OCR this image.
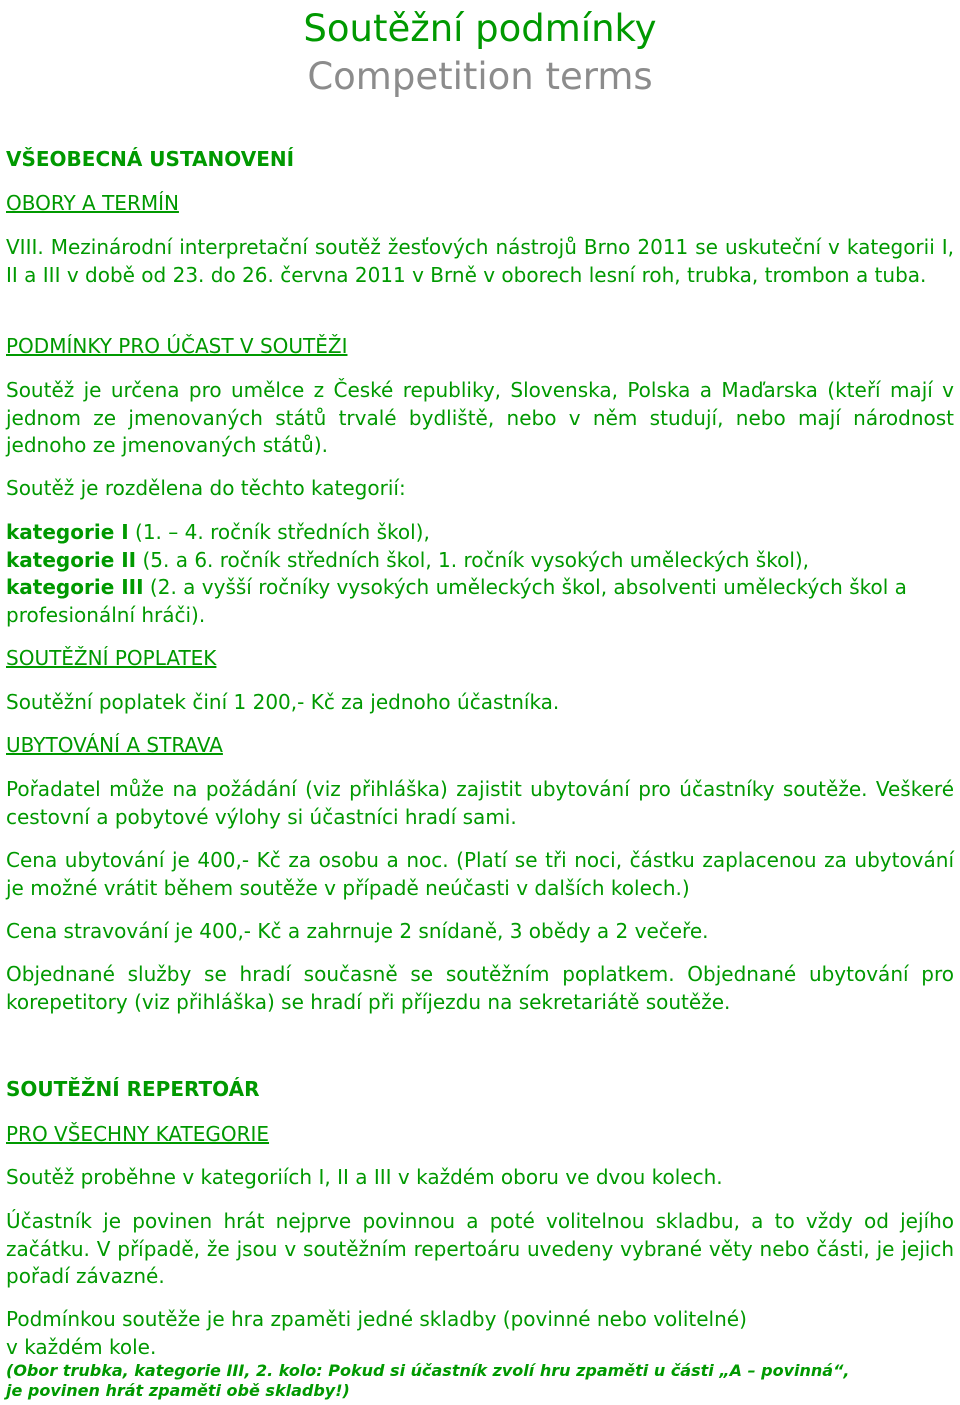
Soutěžní podmínky
Competition terms

VŠEOBECNÁ USTANOVENÍ

OBORY A TERMÍN

VIII. Mezinárodní interpretační soutěž žesťových nástrojů Brno 2011 se uskuteční v kategorii I, II a III v době od 23. do 26. června 2011 v Brně v oborech lesní roh, trubka, trombon a tuba.

PODMÍNKY PRO ÚČAST V SOUTĚŽI

Soutěž je určena pro umělce z České republiky, Slovenska, Polska a Maďarska (kteří mají v jednom ze jmenovaných států trvalé bydliště, nebo v něm studují, nebo mají národnost jednoho ze jmenovaných států).

Soutěž je rozdělena do těchto kategorií:

kategorie I (1. – 4. ročník středních škol),
kategorie II (5. a 6. ročník středních škol, 1. ročník vysokých uměleckých škol),
kategorie III (2. a vyšší ročníky vysokých uměleckých škol, absolventi uměleckých škol a profesionální hráči).

SOUTĚŽNÍ POPLATEK

Soutěžní poplatek činí 1 200,- Kč za jednoho účastníka.

UBYTOVÁNÍ A STRAVA

Pořadatel může na požádání (viz přihláška) zajistit ubytování pro účastníky soutěže. Veškeré cestovní a pobytové výlohy si účastníci hradí sami.

Cena ubytování je 400,- Kč za osobu a noc. (Platí se tři noci, částku zaplacenou za ubytování je možné vrátit během soutěže v případě neúčasti v dalších kolech.)

Cena stravování je 400,- Kč a zahrnuje 2 snídaně, 3 obědy a 2 večeře.

Objednané služby se hradí současně se soutěžním poplatkem. Objednané ubytování pro korepetitory (viz přihláška) se hradí při příjezdu na sekretariátě soutěže.

SOUTĚŽNÍ REPERTOÁR

PRO VŠECHNY KATEGORIE

Soutěž proběhne v kategoriích I, II a III v každém oboru ve dvou kolech.

Účastník je povinen hrát nejprve povinnou a poté volitelnou skladbu, a to vždy od jejího začátku. V případě, že jsou v soutěžním repertoáru uvedeny vybrané věty nebo části, je jejich pořadí závazné.

Podmínkou soutěže je hra zpaměti jedné skladby (povinné nebo volitelné)
v každém kole.
(Obor trubka, kategorie III, 2. kolo: Pokud si účastník zvolí hru zpaměti u části „A – povinná“,
je povinen hrát zpaměti obě skladby!)
